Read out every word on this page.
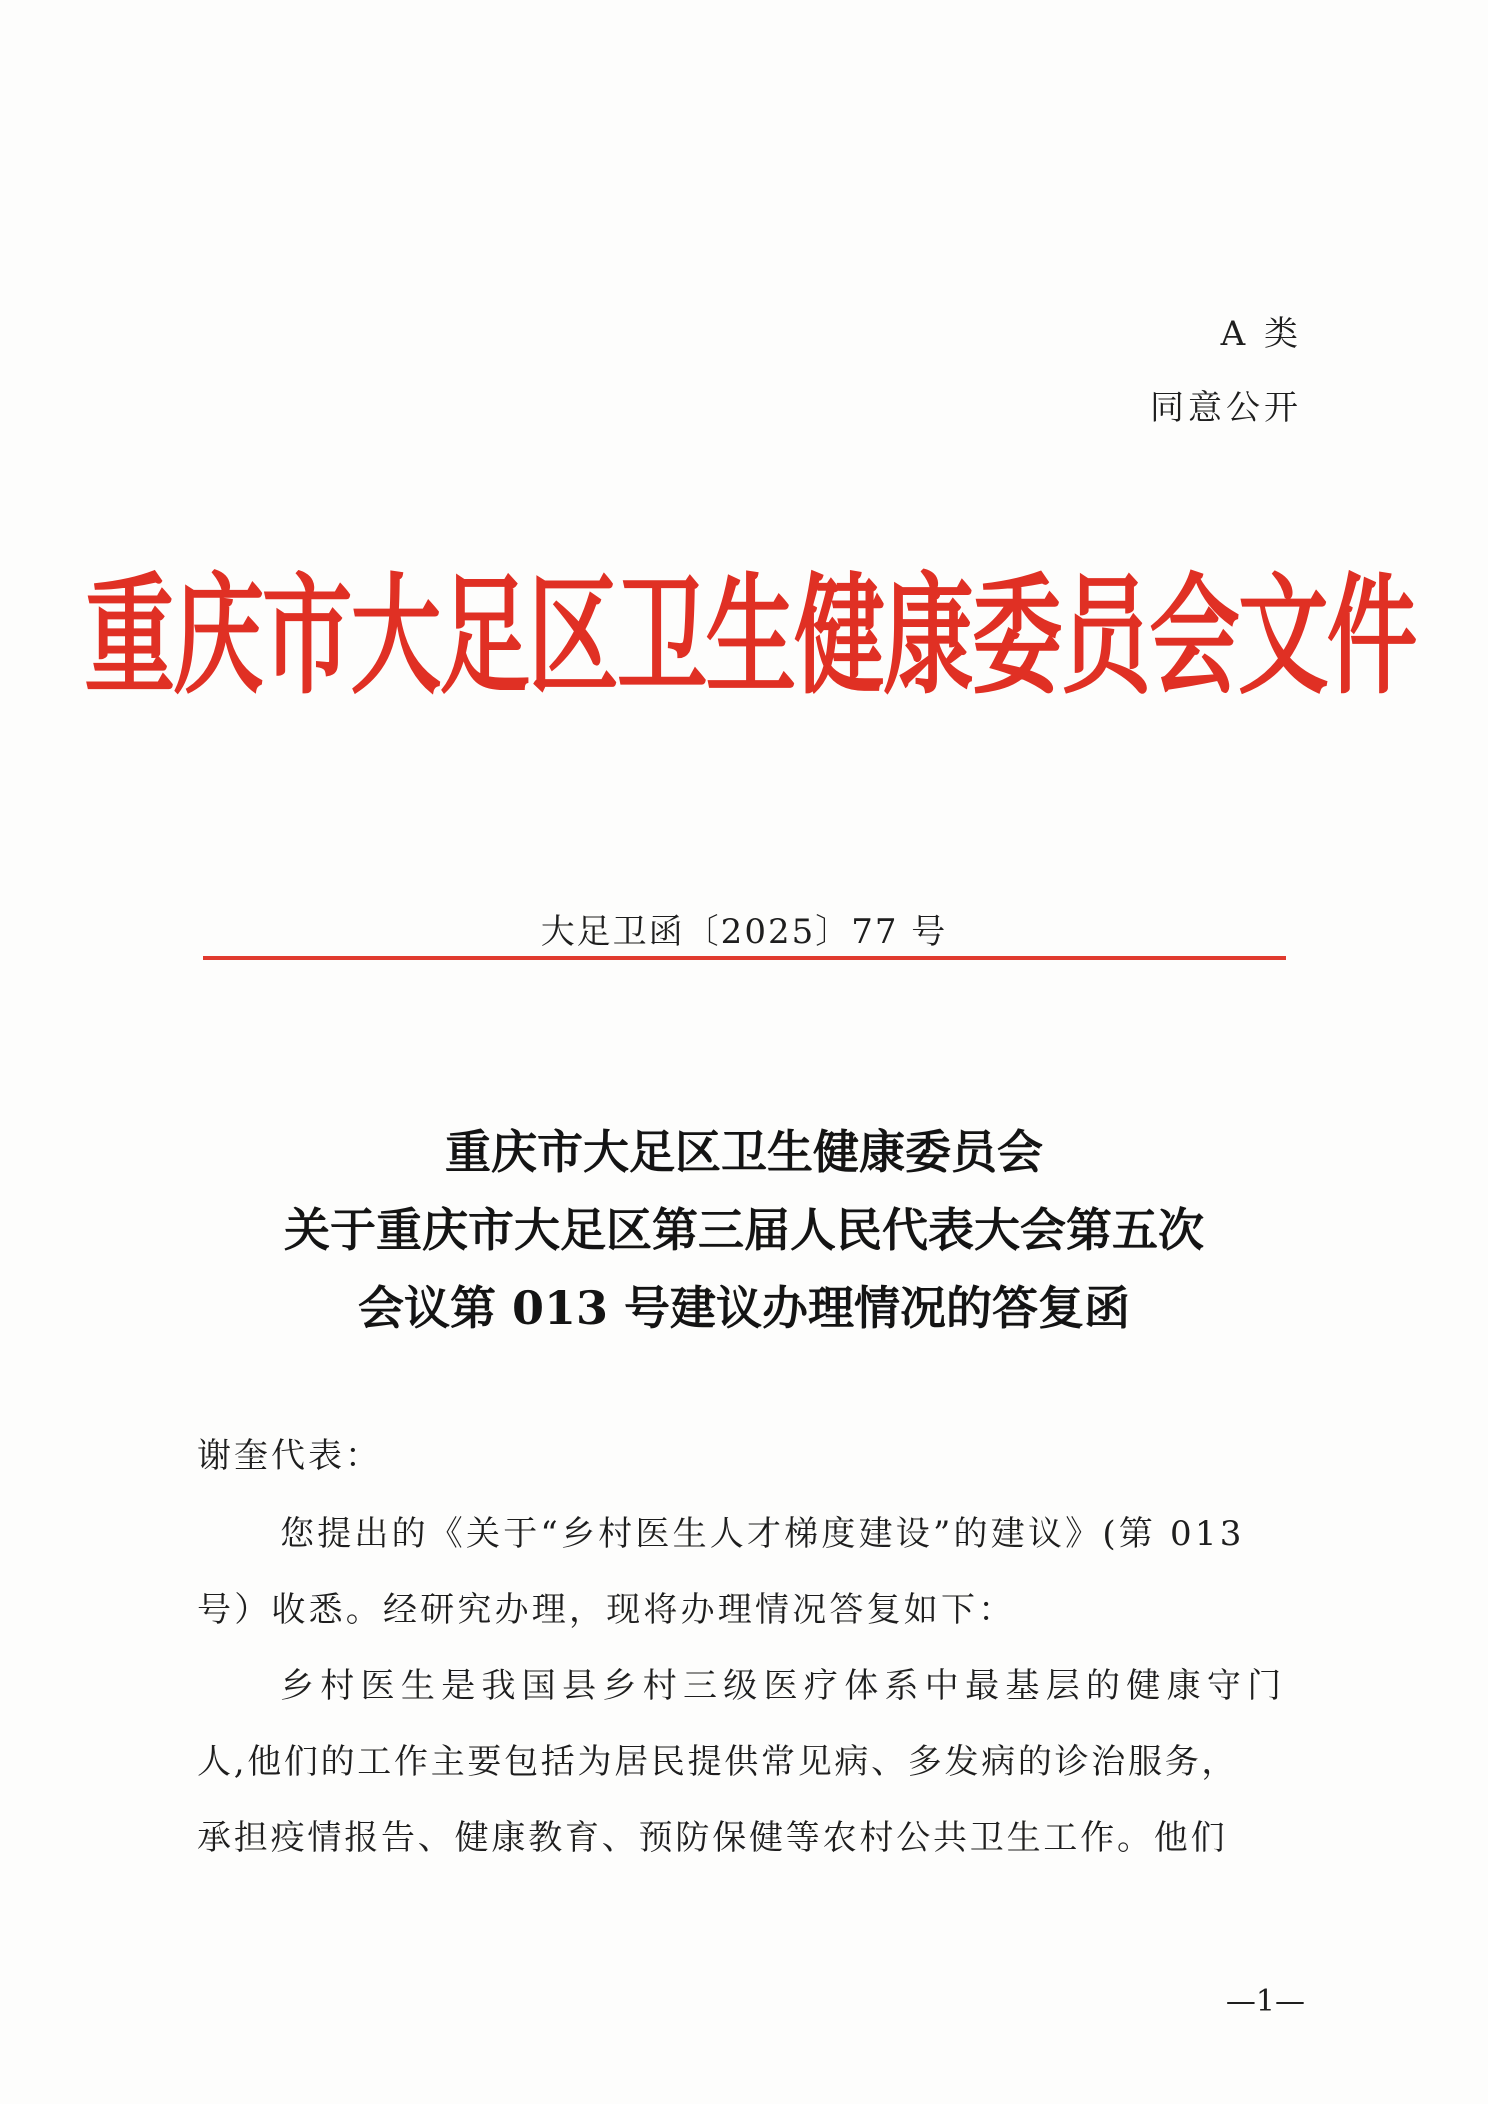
A 类
同意公开
重庆市大足区卫生健康委员会文件
大足卫函〔2025〕77 号
重庆市大足区卫生健康委员会
关于重庆市大足区第三届人民代表大会第五次
会议第 013 号建议办理情况的答复函
谢奎代表：
您提出的《关于“乡村医生人才梯度建设”的建议》(第 013
号）收悉。经研究办理，现将办理情况答复如下：
乡村医生是我国县乡村三级医疗体系中最基层的健康守门
人,他们的工作主要包括为居民提供常见病、多发病的诊治服务，
承担疫情报告、健康教育、预防保健等农村公共卫生工作。他们
—1—
